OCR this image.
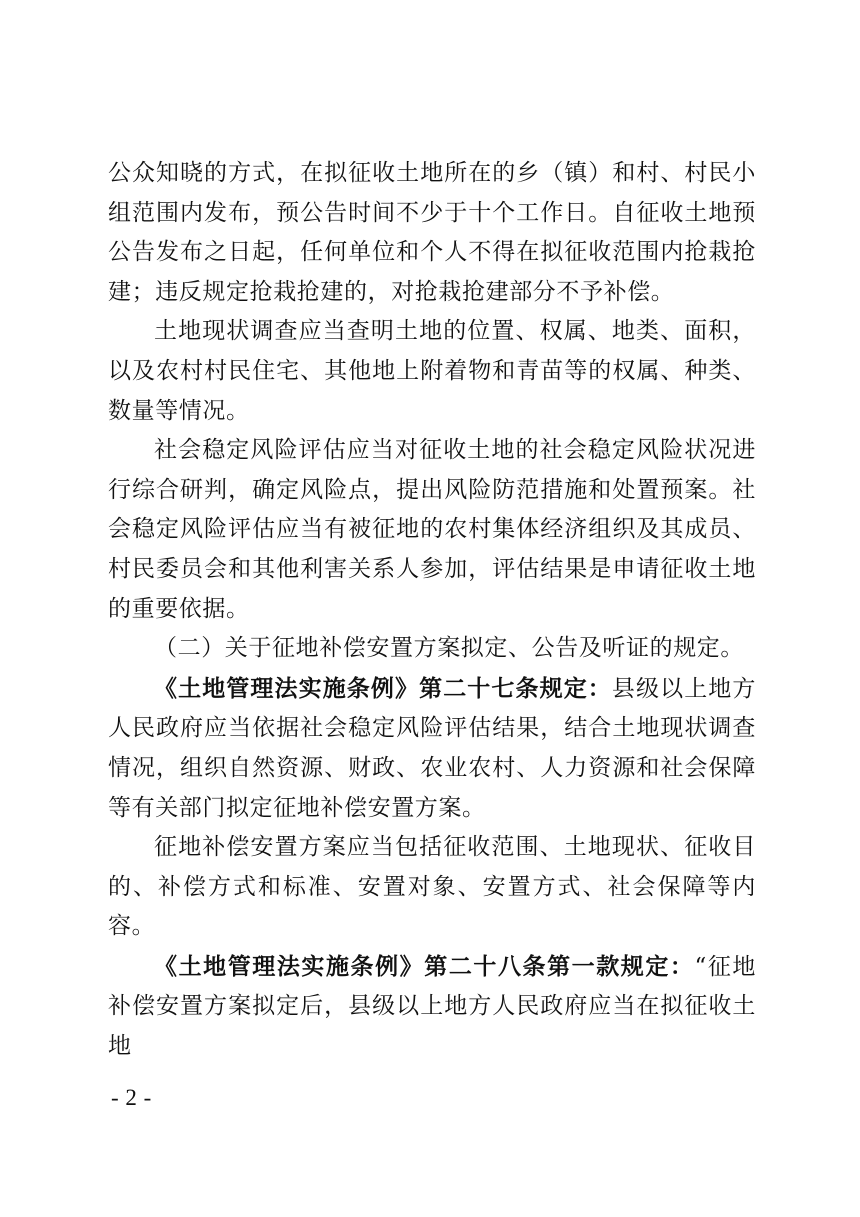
公众知晓的方式，在拟征收土地所在的乡（镇）和村、村民小组范围内发布，预公告时间不少于十个工作日。自征收土地预公告发布之日起，任何单位和个人不得在拟征收范围内抢栽抢建；违反规定抢栽抢建的，对抢栽抢建部分不予补偿。

土地现状调查应当查明土地的位置、权属、地类、面积，以及农村村民住宅、其他地上附着物和青苗等的权属、种类、数量等情况。

社会稳定风险评估应当对征收土地的社会稳定风险状况进行综合研判，确定风险点，提出风险防范措施和处置预案。社会稳定风险评估应当有被征地的农村集体经济组织及其成员、村民委员会和其他利害关系人参加，评估结果是申请征收土地的重要依据。

（二）关于征地补偿安置方案拟定、公告及听证的规定。

《土地管理法实施条例》第二十七条规定：县级以上地方人民政府应当依据社会稳定风险评估结果，结合土地现状调查情况，组织自然资源、财政、农业农村、人力资源和社会保障等有关部门拟定征地补偿安置方案。

征地补偿安置方案应当包括征收范围、土地现状、征收目的、补偿方式和标准、安置对象、安置方式、社会保障等内容。

《土地管理法实施条例》第二十八条第一款规定：“征地补偿安置方案拟定后，县级以上地方人民政府应当在拟征收土地

- 2 -
